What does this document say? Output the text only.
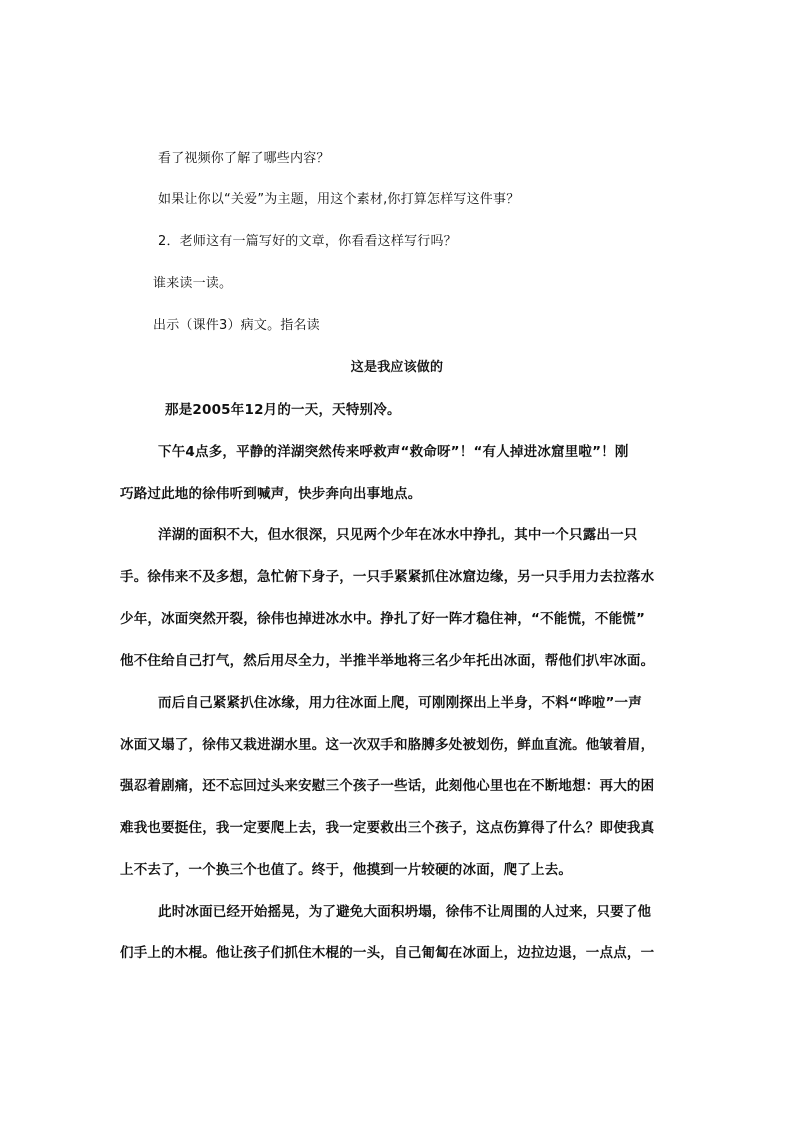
看了视频你了解了哪些内容？
如果让你以“关爱”为主题，用这个素材,你打算怎样写这件事？
2．老师这有一篇写好的文章，你看看这样写行吗？
谁来读一读。
出示（课件3）病文。指名读
这是我应该做的
那是2005年12月的一天，天特别冷。
下午4点多，平静的洋湖突然传来呼救声“救命呀”！“有人掉进冰窟里啦”！刚
巧路过此地的徐伟听到喊声，快步奔向出事地点。
洋湖的面积不大，但水很深，只见两个少年在冰水中挣扎，其中一个只露出一只
手。徐伟来不及多想，急忙俯下身子，一只手紧紧抓住冰窟边缘，另一只手用力去拉落水
少年，冰面突然开裂，徐伟也掉进冰水中。挣扎了好一阵才稳住神，“不能慌，不能慌”
他不住给自己打气，然后用尽全力，半推半举地将三名少年托出冰面，帮他们扒牢冰面。
而后自己紧紧扒住冰缘，用力往冰面上爬，可刚刚探出上半身，不料“哗啦”一声
冰面又塌了，徐伟又栽进湖水里。这一次双手和胳膊多处被划伤，鲜血直流。他皱着眉，
强忍着剧痛，还不忘回过头来安慰三个孩子一些话，此刻他心里也在不断地想：再大的困
难我也要挺住，我一定要爬上去，我一定要救出三个孩子，这点伤算得了什么？即使我真
上不去了，一个换三个也值了。终于，他摸到一片较硬的冰面，爬了上去。
此时冰面已经开始摇晃，为了避免大面积坍塌，徐伟不让周围的人过来，只要了他
们手上的木棍。他让孩子们抓住木棍的一头，自己匍匐在冰面上，边拉边退，一点点，一
